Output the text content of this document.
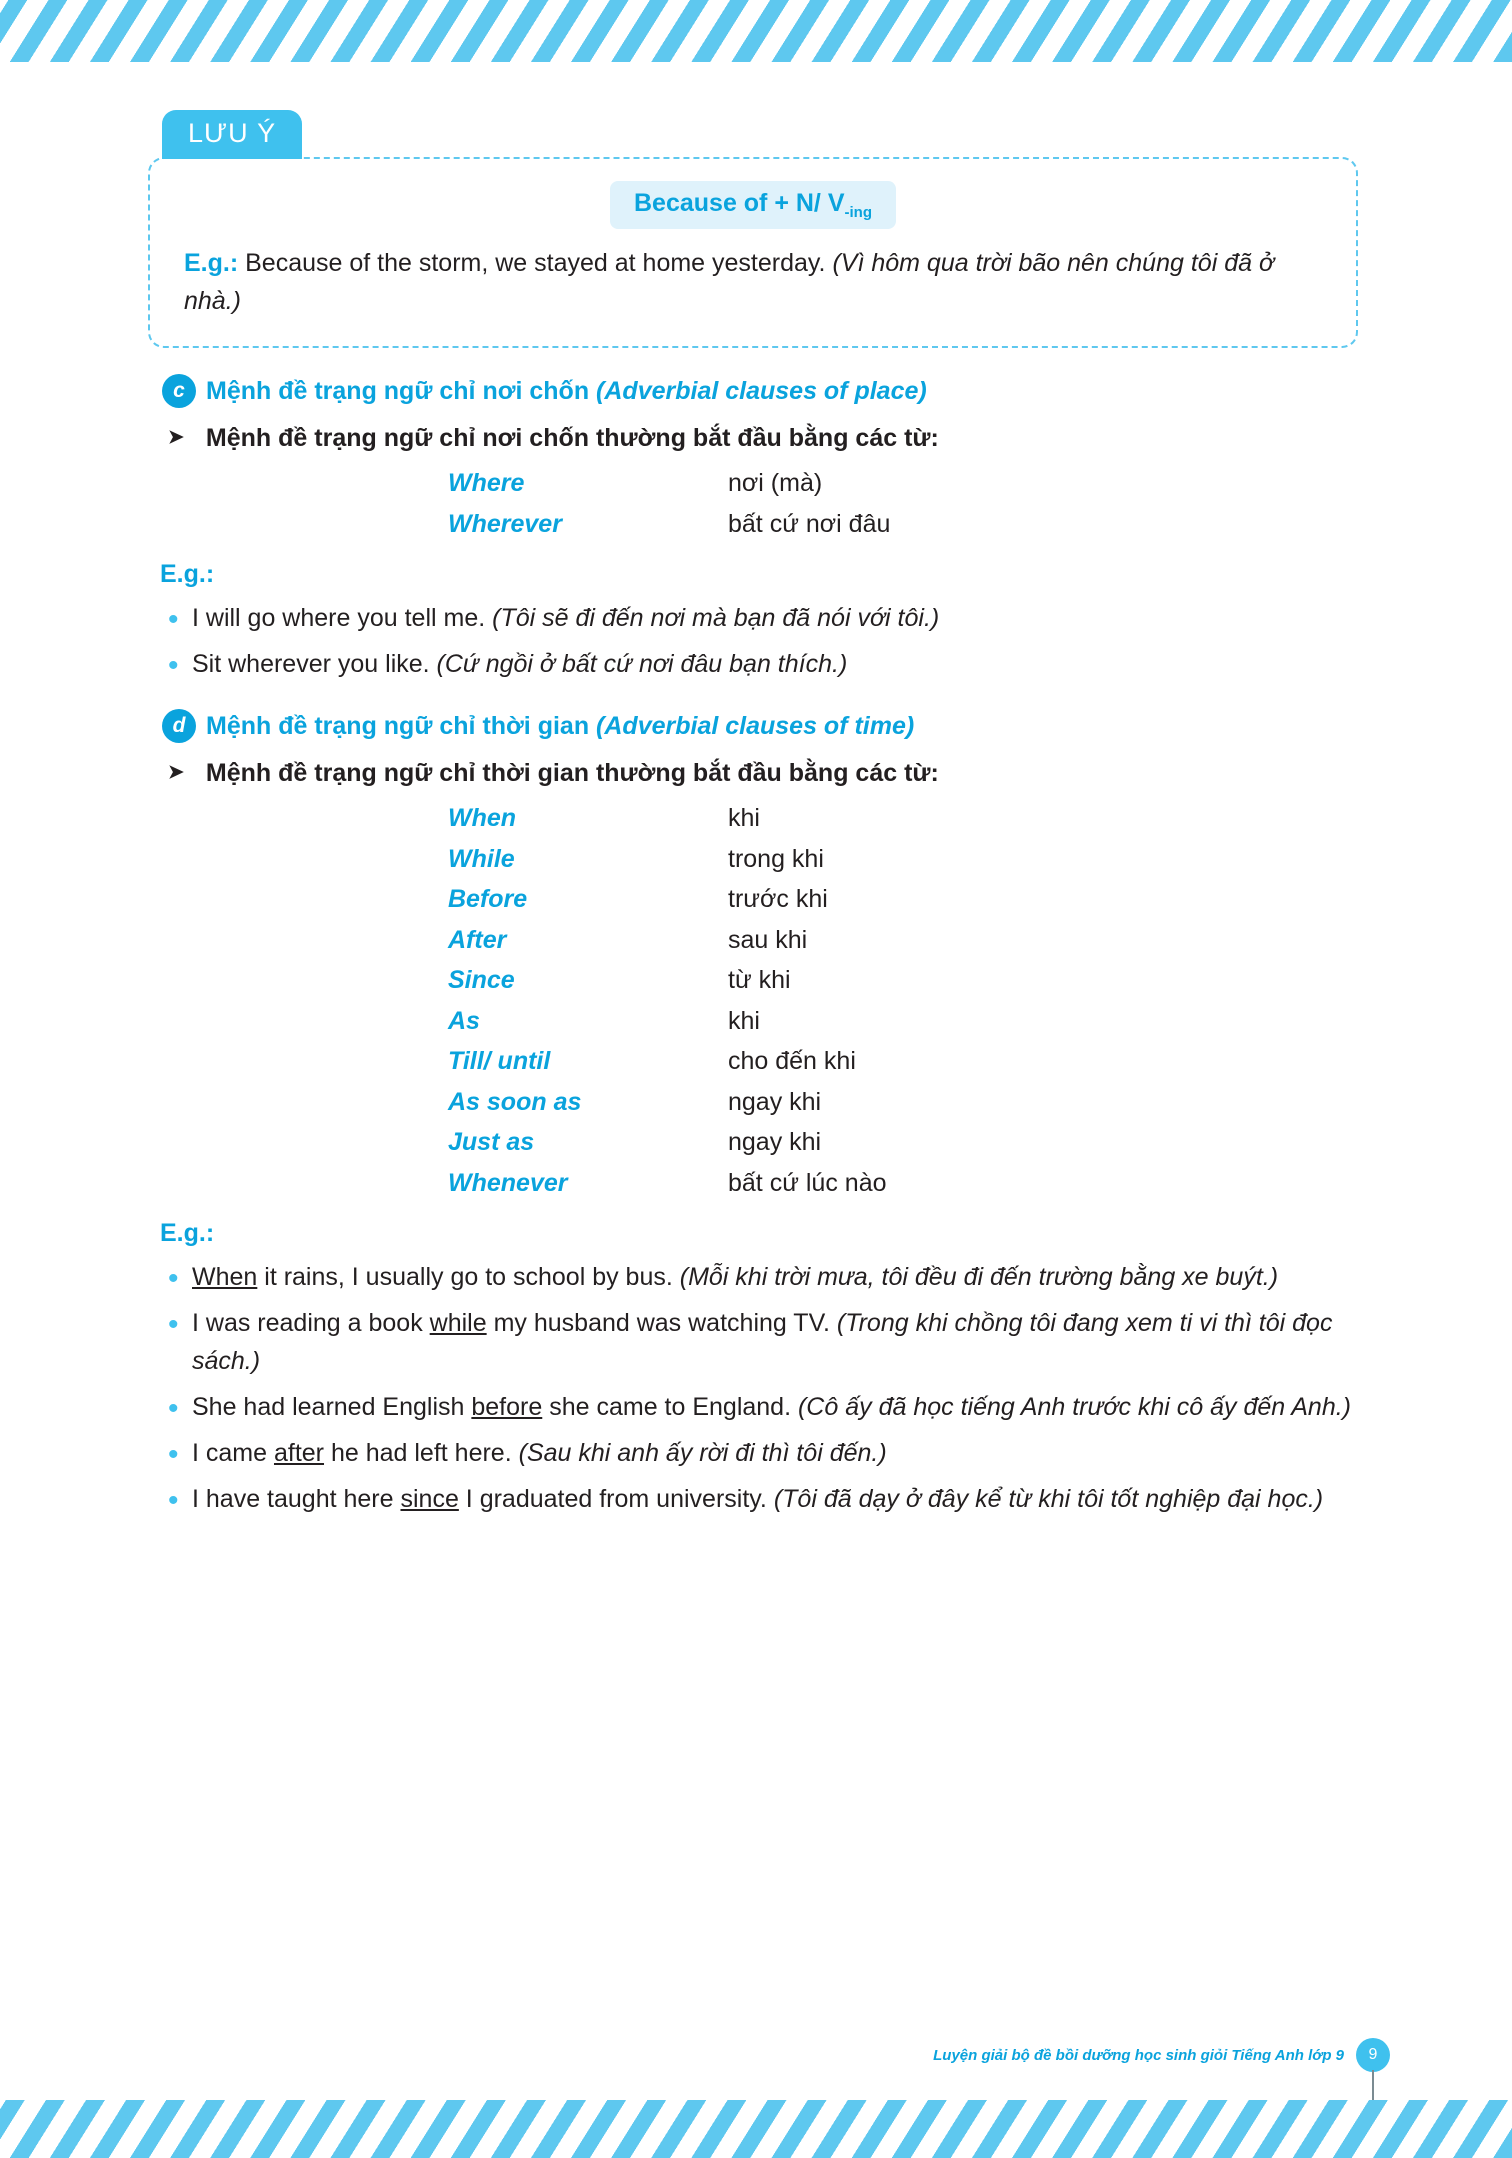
LƯU Ý
Because of + N/ $V_{-ing}$
E.g.: Because of the storm, we stayed at home yesterday. (Vì hôm qua trời bão nên chúng tôi đã ở nhà.)
c Mệnh đề trạng ngữ chỉ nơi chốn (Adverbial clauses of place)
➤ Mệnh đề trạng ngữ chỉ nơi chốn thường bắt đầu bằng các từ:
Where	nơi (mà)
Wherever	bất cứ nơi đâu
E.g.:
• I will go where you tell me. (Tôi sẽ đi đến nơi mà bạn đã nói với tôi.)
• Sit wherever you like. (Cứ ngồi ở bất cứ nơi đâu bạn thích.)
d Mệnh đề trạng ngữ chỉ thời gian (Adverbial clauses of time)
➤ Mệnh đề trạng ngữ chỉ thời gian thường bắt đầu bằng các từ:
When	khi
While	trong khi
Before	trước khi
After	sau khi
Since	từ khi
As	khi
Till/ until	cho đến khi
As soon as	ngay khi
Just as	ngay khi
Whenever	bất cứ lúc nào
E.g.:
• When it rains, I usually go to school by bus. (Mỗi khi trời mưa, tôi đều đi đến trường bằng xe buýt.)
• I was reading a book while my husband was watching TV. (Trong khi chồng tôi đang xem ti vi thì tôi đọc sách.)
• She had learned English before she came to England. (Cô ấy đã học tiếng Anh trước khi cô ấy đến Anh.)
• I came after he had left here. (Sau khi anh ấy rời đi thì tôi đến.)
• I have taught here since I graduated from university. (Tôi đã dạy ở đây kể từ khi tôi tốt nghiệp đại học.)
Luyện giải bộ đề bồi dưỡng học sinh giỏi Tiếng Anh lớp 9	9
